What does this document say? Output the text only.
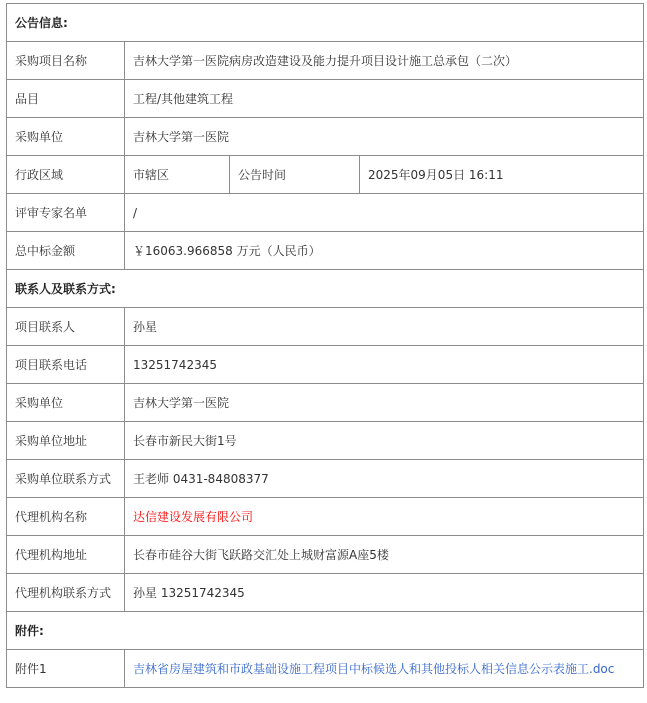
公告信息:			
采购项目名称	吉林大学第一医院病房改造建设及能力提升项目设计施工总承包（二次）		
品目	工程/其他建筑工程		
采购单位	吉林大学第一医院		
行政区域	市辖区	公告时间	2025年09月05日 16:11
评审专家名单	/		
总中标金额	￥16063.966858 万元（人民币）		
联系人及联系方式:			
项目联系人	孙星		
项目联系电话	13251742345		
采购单位	吉林大学第一医院		
采购单位地址	长春市新民大街1号		
采购单位联系方式	王老师 0431-84808377		
代理机构名称	达信建设发展有限公司		
代理机构地址	长春市硅谷大街飞跃路交汇处上城财富源A座5楼		
代理机构联系方式	孙星 13251742345		
附件:			
附件1	吉林省房屋建筑和市政基础设施工程项目中标候选人和其他投标人相关信息公示表施工.doc		
